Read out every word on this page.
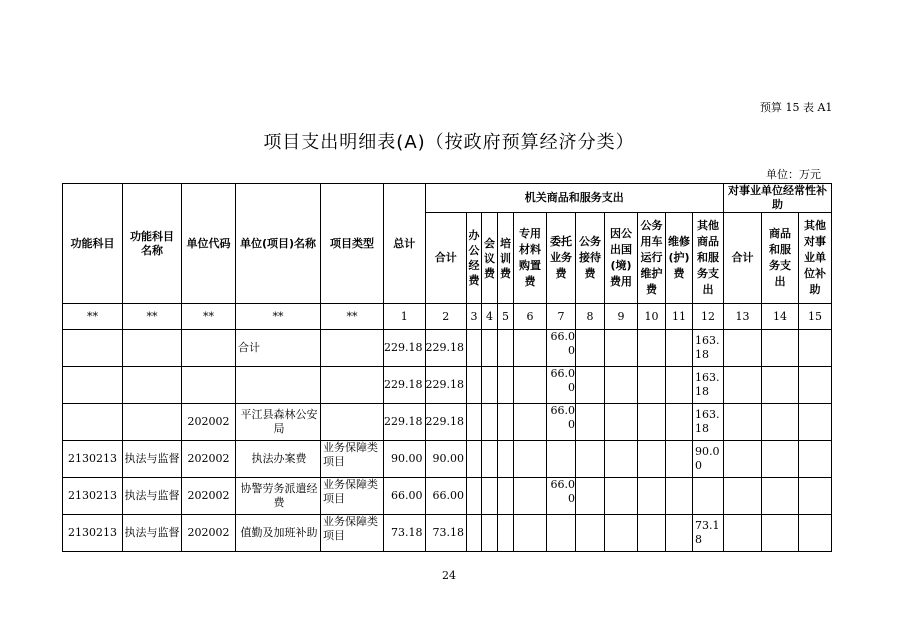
预算 15 表 A1
项目支出明细表(A)（按政府预算经济分类）
单位：万元
功能科目	功能科目名称	单位代码	单位(项目)名称	项目类型	总计	机关商品和服务支出											对事业单位经常性补助		
						合计	办公经费	会议费	培训费	专用材料购置费	委托业务费	公务接待费	因公出国(境)费用	公务用车运行维护费	维修(护)费	其他商品和服务支出	合计	商品和服务支出	其他对事业单位补助

**	**	**	**	**	1	2	3	4	5	6	7	8	9	10	11	12	13	14	15
			合计		229.18	229.18					66.00					163.18			
					229.18	229.18					66.00					163.18			
		202002	平江县森林公安局		229.18	229.18					66.00					163.18			
2130213	执法与监督	202002	执法办案费	业务保障类项目	90.00	90.00										90.00			
2130213	执法与监督	202002	协警劳务派遣经费	业务保障类项目	66.00	66.00					66.00								
2130213	执法与监督	202002	值勤及加班补助	业务保障类项目	73.18	73.18										73.18			
24
